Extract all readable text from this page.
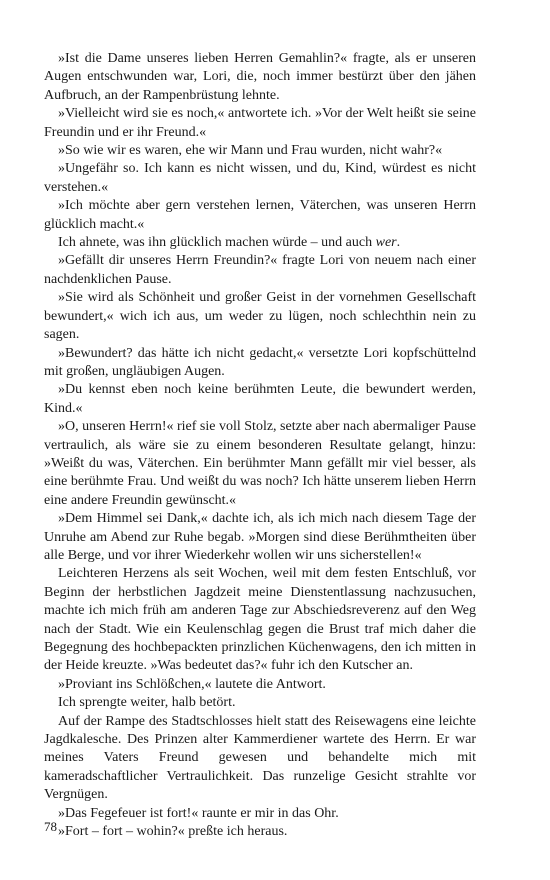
»Ist die Dame unseres lieben Herren Gemahlin?« fragte, als er unseren Augen entschwunden war, Lori, die, noch immer bestürzt über den jähen Aufbruch, an der Rampenbrüstung lehnte.

»Vielleicht wird sie es noch,« antwortete ich. »Vor der Welt heißt sie seine Freundin und er ihr Freund.«

»So wie wir es waren, ehe wir Mann und Frau wurden, nicht wahr?«

»Ungefähr so. Ich kann es nicht wissen, und du, Kind, würdest es nicht verstehen.«

»Ich möchte aber gern verstehen lernen, Väterchen, was unseren Herrn glücklich macht.«

Ich ahnete, was ihn glücklich machen würde – und auch wer.

»Gefällt dir unseres Herrn Freundin?« fragte Lori von neuem nach einer nachdenklichen Pause.

»Sie wird als Schönheit und großer Geist in der vornehmen Gesellschaft bewundert,« wich ich aus, um weder zu lügen, noch schlechthin nein zu sagen.

»Bewundert? das hätte ich nicht gedacht,« versetzte Lori kopfschüttelnd mit großen, ungläubigen Augen.

»Du kennst eben noch keine berühmten Leute, die bewundert werden, Kind.«

»O, unseren Herrn!« rief sie voll Stolz, setzte aber nach abermaliger Pause vertraulich, als wäre sie zu einem besonderen Resultate gelangt, hinzu: »Weißt du was, Väterchen. Ein berühmter Mann gefällt mir viel besser, als eine berühmte Frau. Und weißt du was noch? Ich hätte unserem lieben Herrn eine andere Freundin gewünscht.«

»Dem Himmel sei Dank,« dachte ich, als ich mich nach diesem Tage der Unruhe am Abend zur Ruhe begab. »Morgen sind diese Berühmtheiten über alle Berge, und vor ihrer Wiederkehr wollen wir uns sicherstellen!«

Leichteren Herzens als seit Wochen, weil mit dem festen Entschluß, vor Beginn der herbstlichen Jagdzeit meine Dienstentlassung nachzusuchen, machte ich mich früh am anderen Tage zur Abschiedsreverenz auf den Weg nach der Stadt. Wie ein Keulenschlag gegen die Brust traf mich daher die Begegnung des hochbepackten prinzlichen Küchenwagens, den ich mitten in der Heide kreuzte. »Was bedeutet das?« fuhr ich den Kutscher an.

»Proviant ins Schlößchen,« lautete die Antwort.

Ich sprengte weiter, halb betört.

Auf der Rampe des Stadtschlosses hielt statt des Reisewagens eine leichte Jagdkalesche. Des Prinzen alter Kammerdiener wartete des Herrn. Er war meines Vaters Freund gewesen und behandelte mich mit kameradschaftlicher Vertraulichkeit. Das runzelige Gesicht strahlte vor Vergnügen.

»Das Fegefeuer ist fort!« raunte er mir in das Ohr.

»Fort – fort – wohin?« preßte ich heraus.

78
